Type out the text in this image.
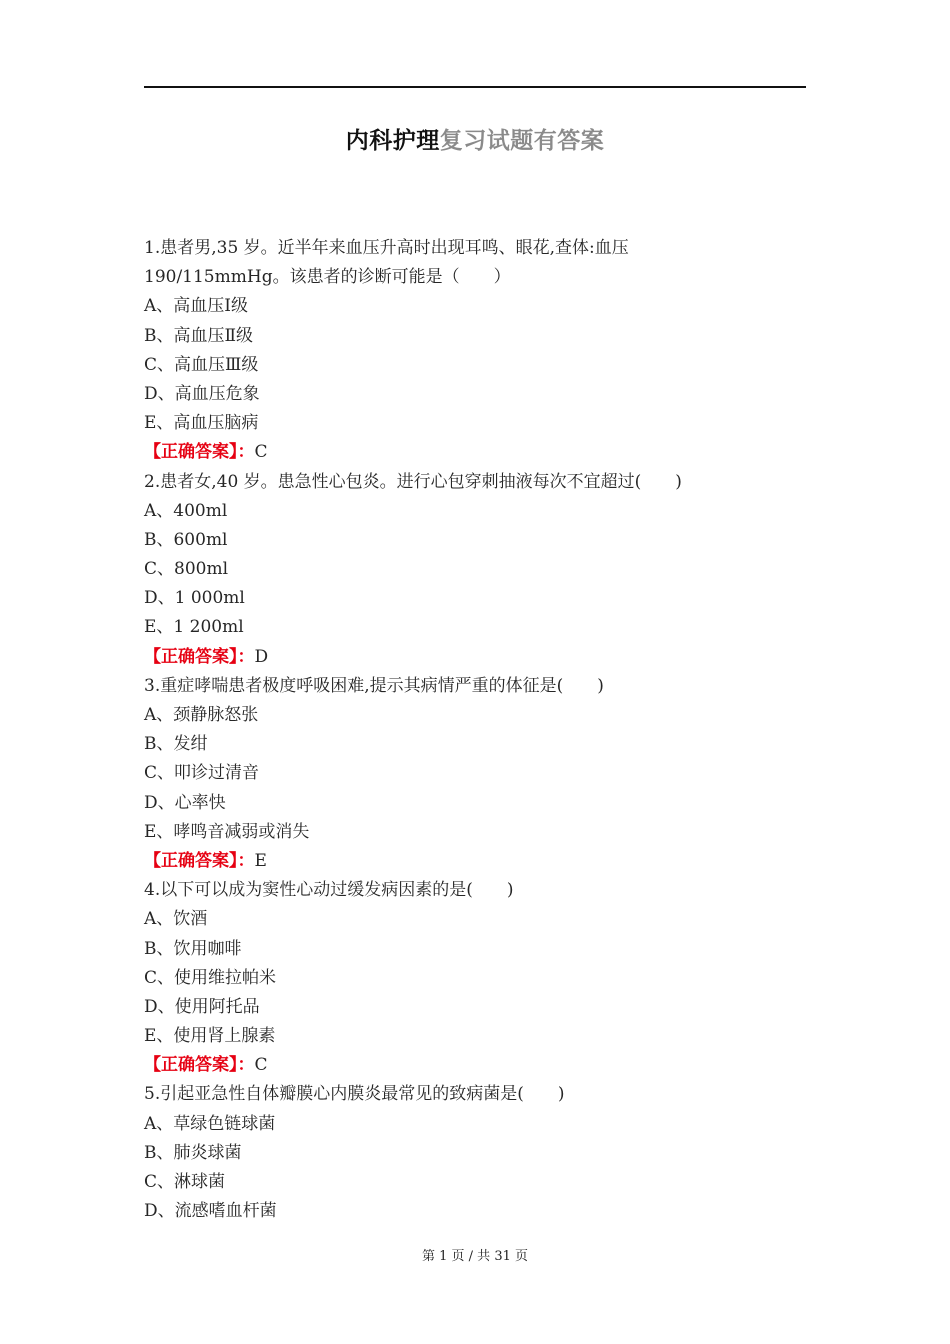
内科护理复习试题有答案
1.患者男,35 岁。近半年来血压升高时出现耳鸣、眼花,查体:血压
190/115mmHg。该患者的诊断可能是（　　）
A、高血压Ⅰ级
B、高血压Ⅱ级
C、高血压Ⅲ级
D、高血压危象
E、高血压脑病
【正确答案】：C
2.患者女,40 岁。患急性心包炎。进行心包穿刺抽液每次不宜超过(　　)
A、400ml
B、600ml
C、800ml
D、1 000ml
E、1 200ml
【正确答案】：D
3.重症哮喘患者极度呼吸困难,提示其病情严重的体征是(　　)
A、颈静脉怒张
B、发绀
C、叩诊过清音
D、心率快
E、哮鸣音减弱或消失
【正确答案】：E
4.以下可以成为窦性心动过缓发病因素的是(　　)
A、饮酒
B、饮用咖啡
C、使用维拉帕米
D、使用阿托品
E、使用肾上腺素
【正确答案】：C
5.引起亚急性自体瓣膜心内膜炎最常见的致病菌是(　　)
A、草绿色链球菌
B、肺炎球菌
C、淋球菌
D、流感嗜血杆菌
第 1 页 / 共 31 页
